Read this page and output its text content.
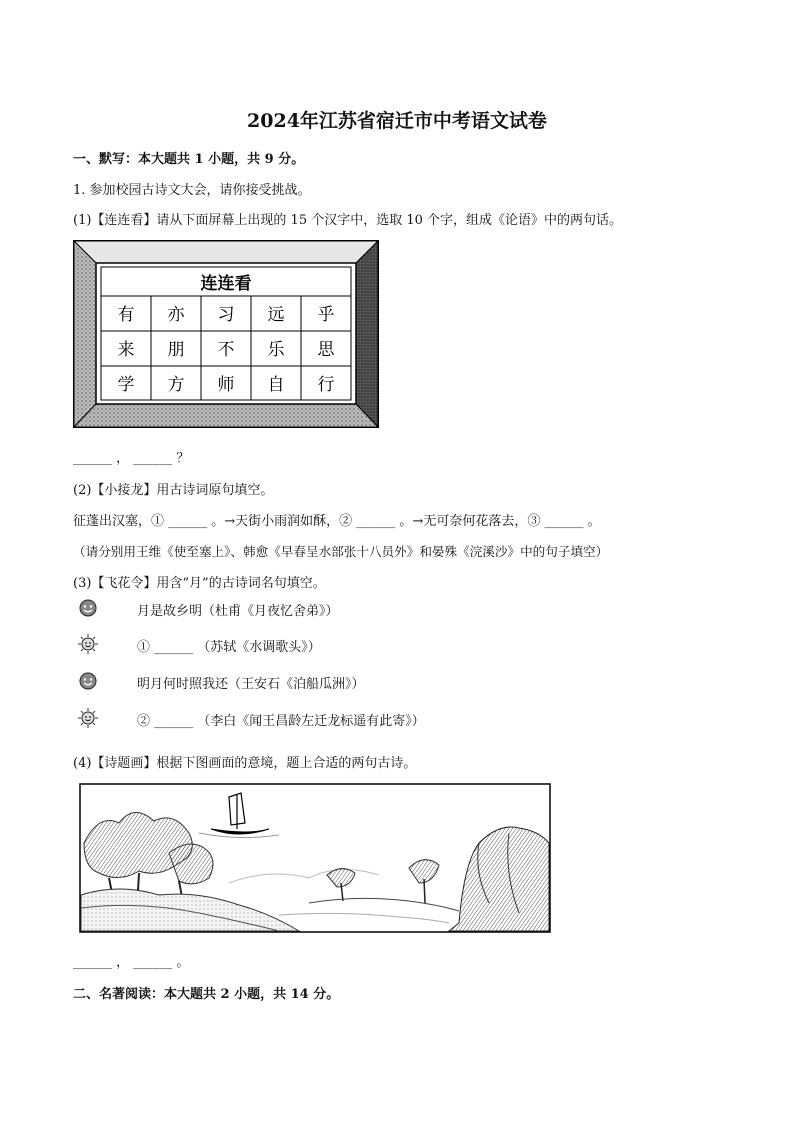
2024年江苏省宿迁市中考语文试卷
一、默写：本大题共 1 小题，共 9 分。
1. 参加校园古诗文大会，请你接受挑战。
(1)【连连看】请从下面屏幕上出现的 15 个汉字中，选取 10 个字，组成《论语》中的两句话。
连连看
有 亦 习 远 乎
来 朋 不 乐 思
学 方 师 自 行
______ ， ______ ？
(2)【小接龙】用古诗词原句填空。
征蓬出汉塞，① ______ 。→天街小雨润如酥，② ______ 。→无可奈何花落去，③ ______ 。
（请分别用王维《使至塞上》、韩愈《早春呈水部张十八员外》和晏殊《浣溪沙》中的句子填空）
(3)【飞花令】用含“月”的古诗词名句填空。
月是故乡明（杜甫《月夜忆舍弟》）
① ______ （苏轼《水调歌头》）
明月何时照我还（王安石《泊船瓜洲》）
② ______ （李白《闻王昌龄左迁龙标遥有此寄》）
(4)【诗题画】根据下图画面的意境，题上合适的两句古诗。
______ ， ______ 。
二、名著阅读：本大题共 2 小题，共 14 分。
